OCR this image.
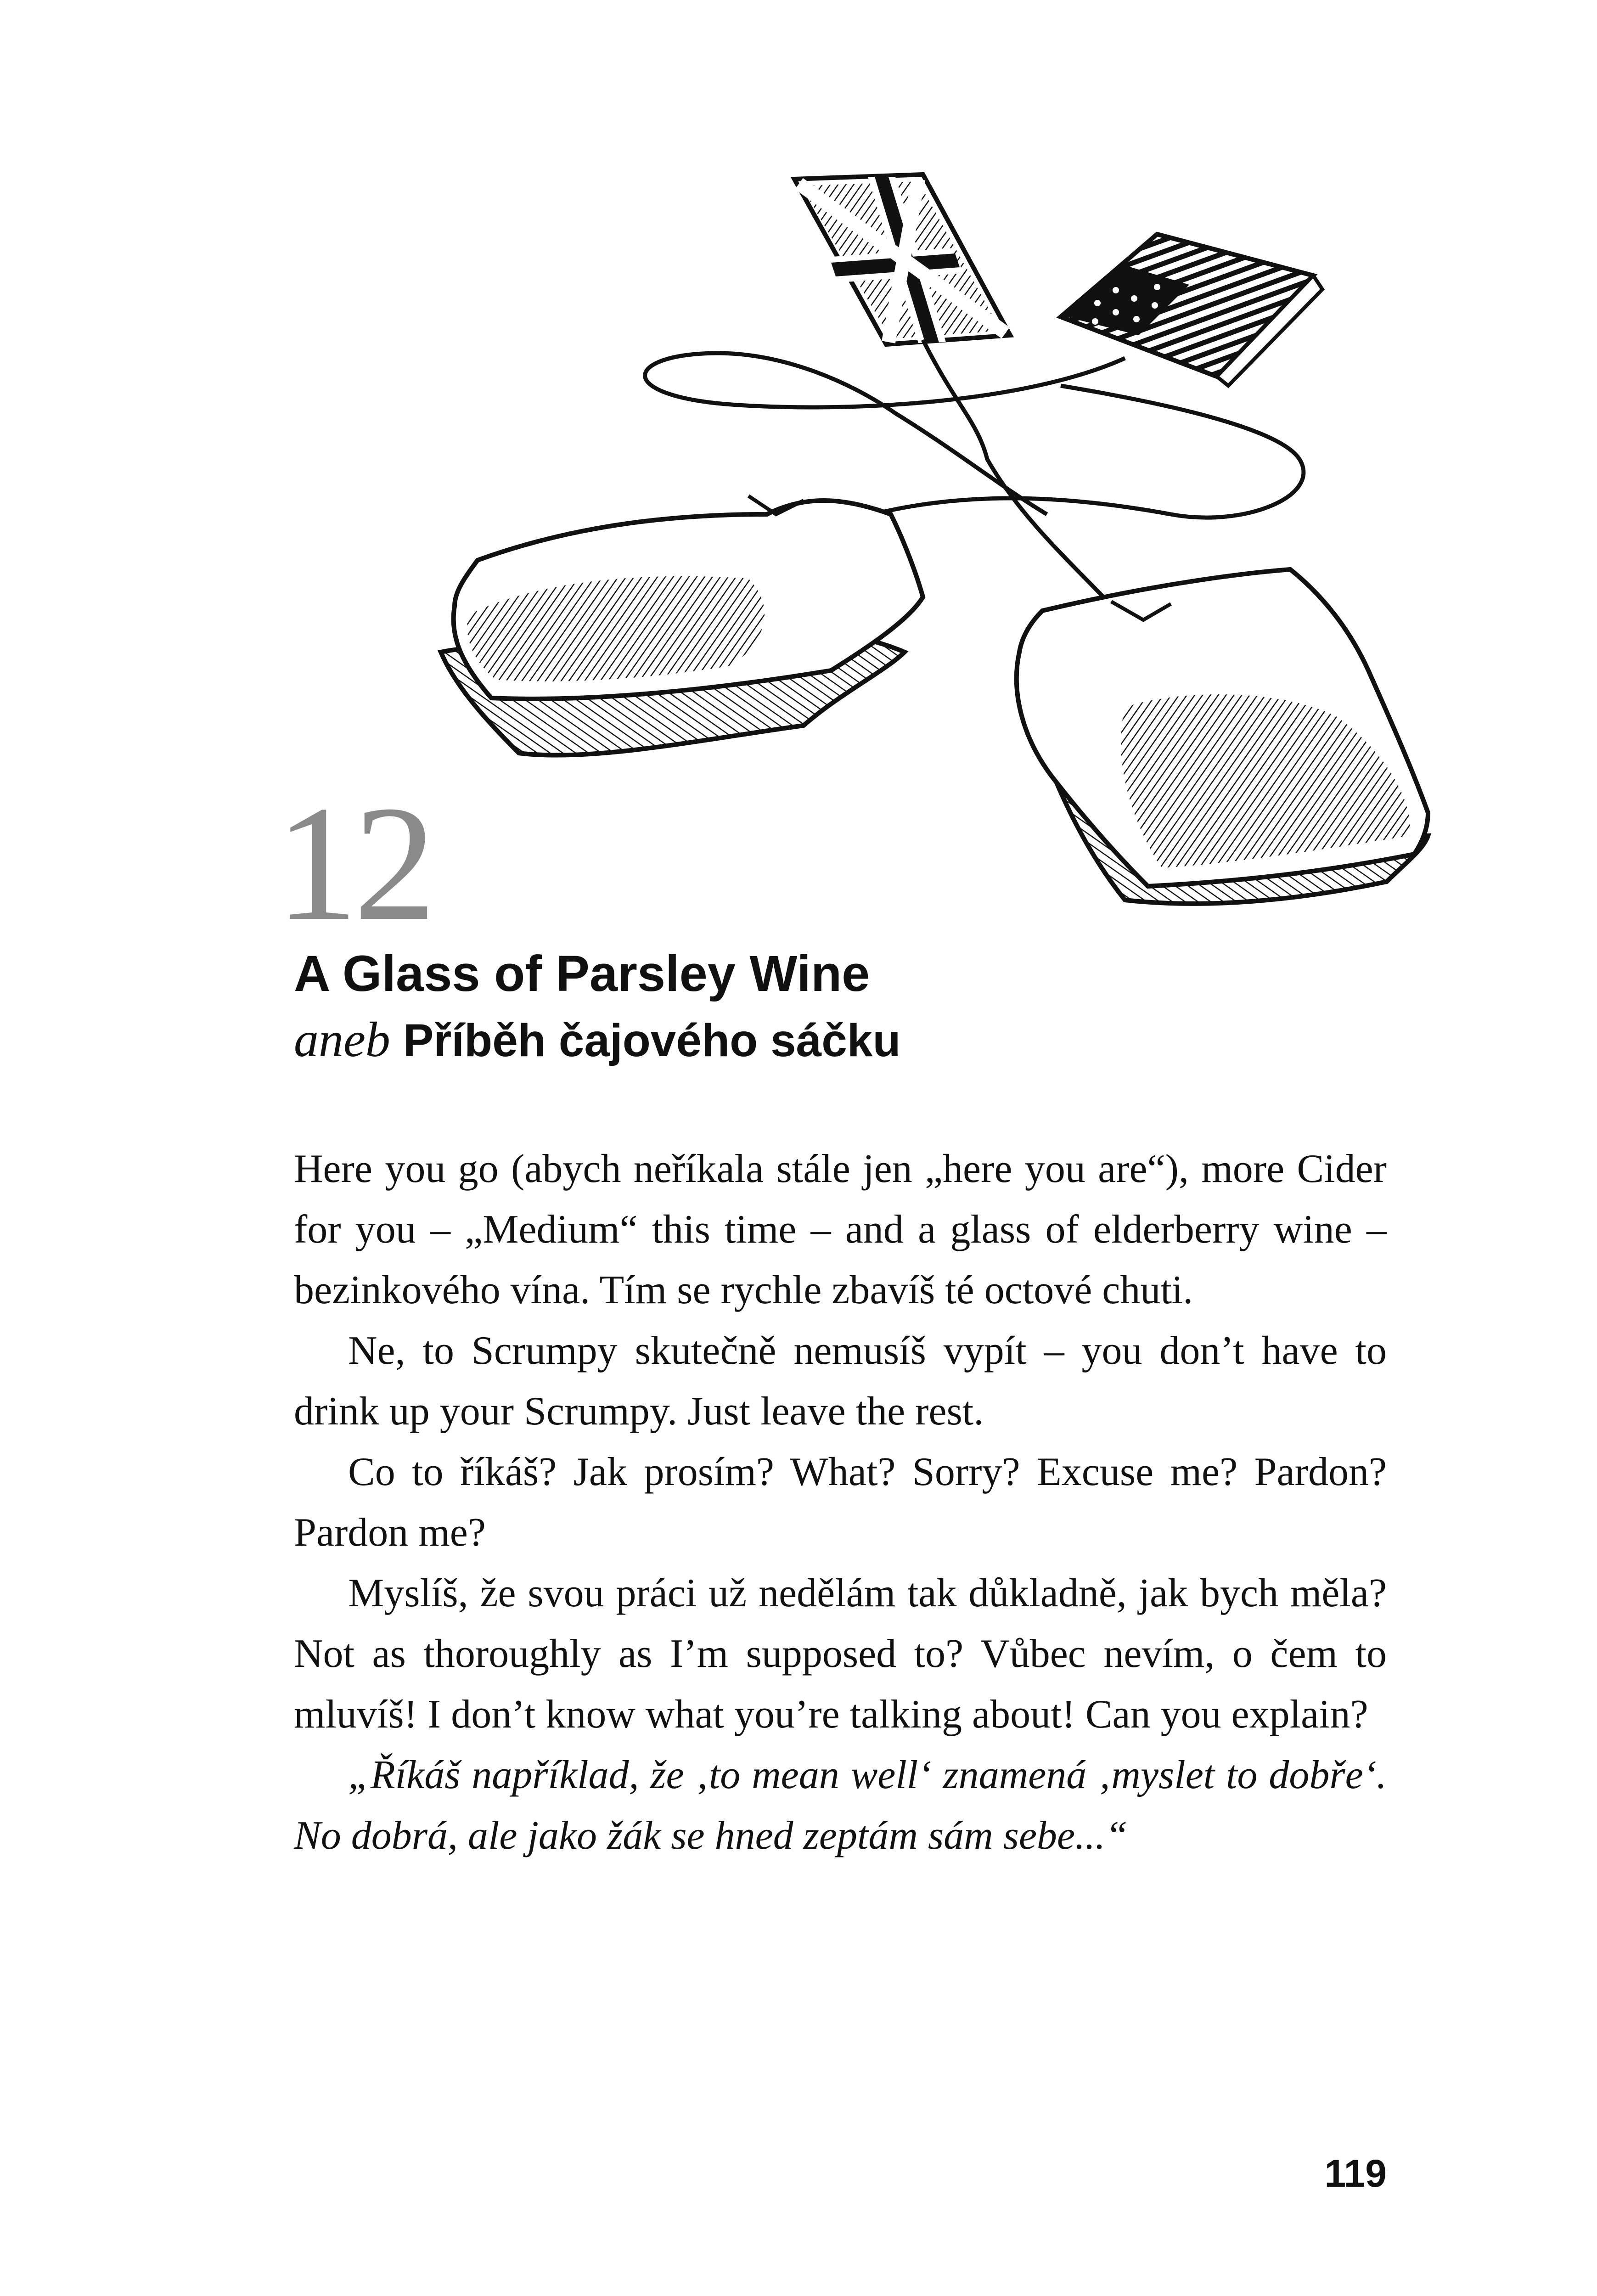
12
A Glass of Parsley Wine
aneb Příběh čajového sáčku

Here you go (abych neříkala stále jen „here you are“), more Cider for you – „Medium“ this time – and a glass of elderberry wine – bezinkového vína. Tím se rychle zbavíš té octové chuti.

Ne, to Scrumpy skutečně nemusíš vypít – you don’t have to drink up your Scrumpy. Just leave the rest.

Co to říkáš? Jak prosím? What? Sorry? Excuse me? Pardon? Pardon me?

Myslíš, že svou práci už nedělám tak důkladně, jak bych měla? Not as thoroughly as I’m supposed to? Vůbec nevím, o čem to mluvíš! I don’t know what you’re talking about! Can you explain?

„Říkáš například, že ‚to mean well‘ znamená ‚myslet to dobře‘. No dobrá, ale jako žák se hned zeptám sám sebe...“

119
